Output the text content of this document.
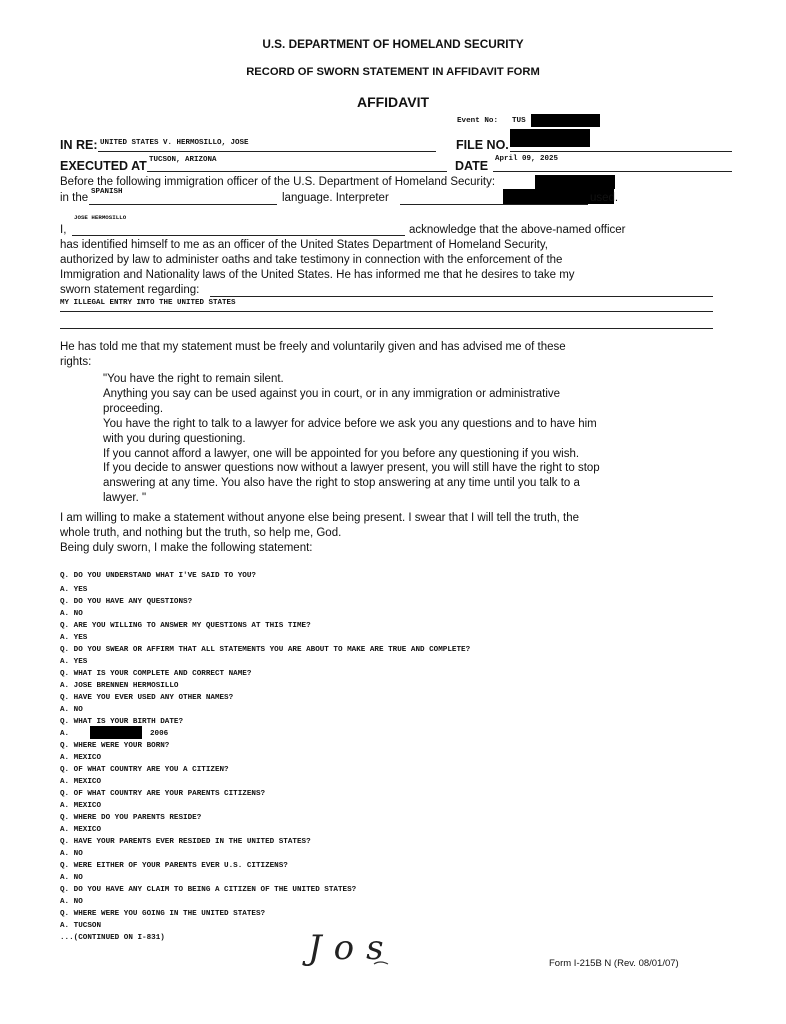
U.S. DEPARTMENT OF HOMELAND SECURITY
RECORD OF SWORN STATEMENT IN AFFIDAVIT FORM
AFFIDAVIT
Event No: TUS
IN RE: UNITED STATES V. HERMOSILLO, JOSE	FILE NO.
EXECUTED AT TUCSON, ARIZONA	DATE April 09, 2025
Before the following immigration officer of the U.S. Department of Homeland Security:
in the SPANISH	language. Interpreter	used.
JOSE HERMOSILLO
I,	acknowledge that the above-named officer
has identified himself to me as an officer of the United States Department of Homeland Security,
authorized by law to administer oaths and take testimony in connection with the enforcement of the
Immigration and Nationality laws of the United States. He has informed me that he desires to take my
sworn statement regarding:
MY ILLEGAL ENTRY INTO THE UNITED STATES
He has told me that my statement must be freely and voluntarily given and has advised me of these
rights:
"You have the right to remain silent.
Anything you say can be used against you in court, or in any immigration or administrative
proceeding.
You have the right to talk to a lawyer for advice before we ask you any questions and to have him
with you during questioning.
If you cannot afford a lawyer, one will be appointed for you before any questioning if you wish.
If you decide to answer questions now without a lawyer present, you will still have the right to stop
answering at any time. You also have the right to stop answering at any time until you talk to a
lawyer. "
I am willing to make a statement without anyone else being present. I swear that I will tell the truth, the
whole truth, and nothing but the truth, so help me, God.
Being duly sworn, I make the following statement:
Q. DO YOU UNDERSTAND WHAT I'VE SAID TO YOU?
A. YES
Q. DO YOU HAVE ANY QUESTIONS?
A. NO
Q. ARE YOU WILLING TO ANSWER MY QUESTIONS AT THIS TIME?
A. YES
Q. DO YOU SWEAR OR AFFIRM THAT ALL STATEMENTS YOU ARE ABOUT TO MAKE ARE TRUE AND COMPLETE?
A. YES
Q. WHAT IS YOUR COMPLETE AND CORRECT NAME?
A. JOSE BRENNEN HERMOSILLO
Q. HAVE YOU EVER USED ANY OTHER NAMES?
A. NO
Q. WHAT IS YOUR BIRTH DATE?
A.	2006
Q. WHERE WERE YOUR BORN?
A. MEXICO
Q. OF WHAT COUNTRY ARE YOU A CITIZEN?
A. MEXICO
Q. OF WHAT COUNTRY ARE YOUR PARENTS CITIZENS?
A. MEXICO
Q. WHERE DO YOU PARENTS RESIDE?
A. MEXICO
Q. HAVE YOUR PARENTS EVER RESIDED IN THE UNITED STATES?
A. NO
Q. WERE EITHER OF YOUR PARENTS EVER U.S. CITIZENS?
A. NO
Q. DO YOU HAVE ANY CLAIM TO BEING A CITIZEN OF THE UNITED STATES?
A. NO
Q. WHERE WERE YOU GOING IN THE UNITED STATES?
A. TUCSON
...(CONTINUED ON I-831)	Jos	Form I-215B N (Rev. 08/01/07)
